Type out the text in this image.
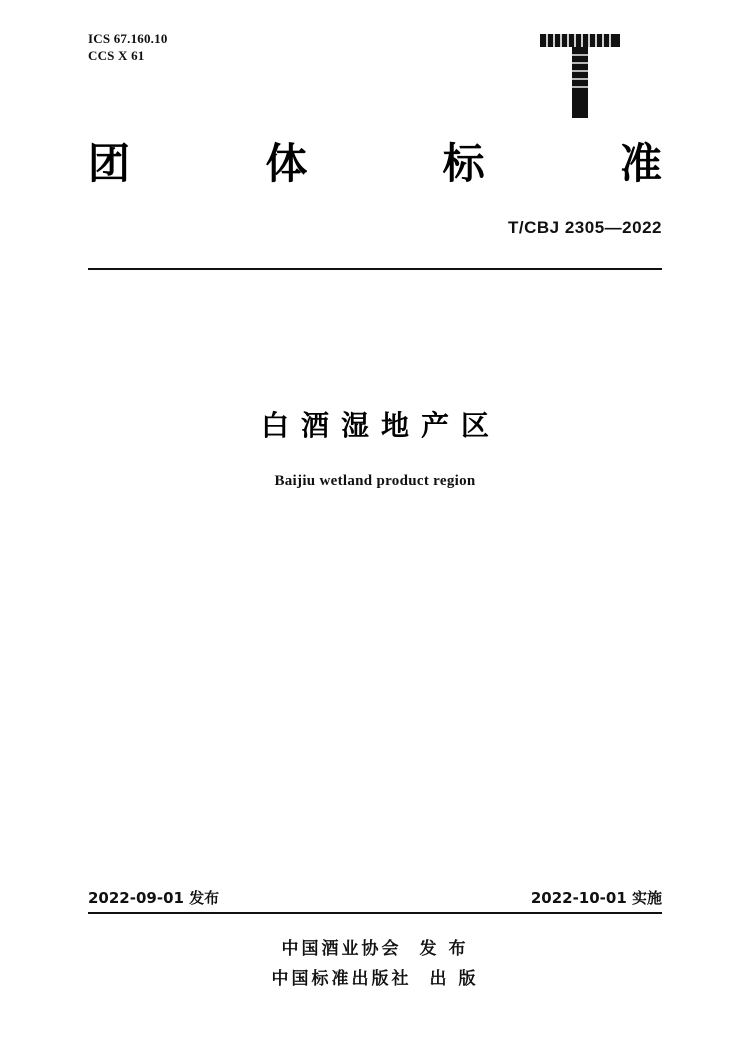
ICS 67.160.10
CCS X 61
团	体	标	准
T/CBJ 2305—2022
白酒湿地产区
Baijiu wetland product region
2022-09-01 发布	2022-10-01 实施
中国酒业协会 发 布
中国标准出版社 出 版
